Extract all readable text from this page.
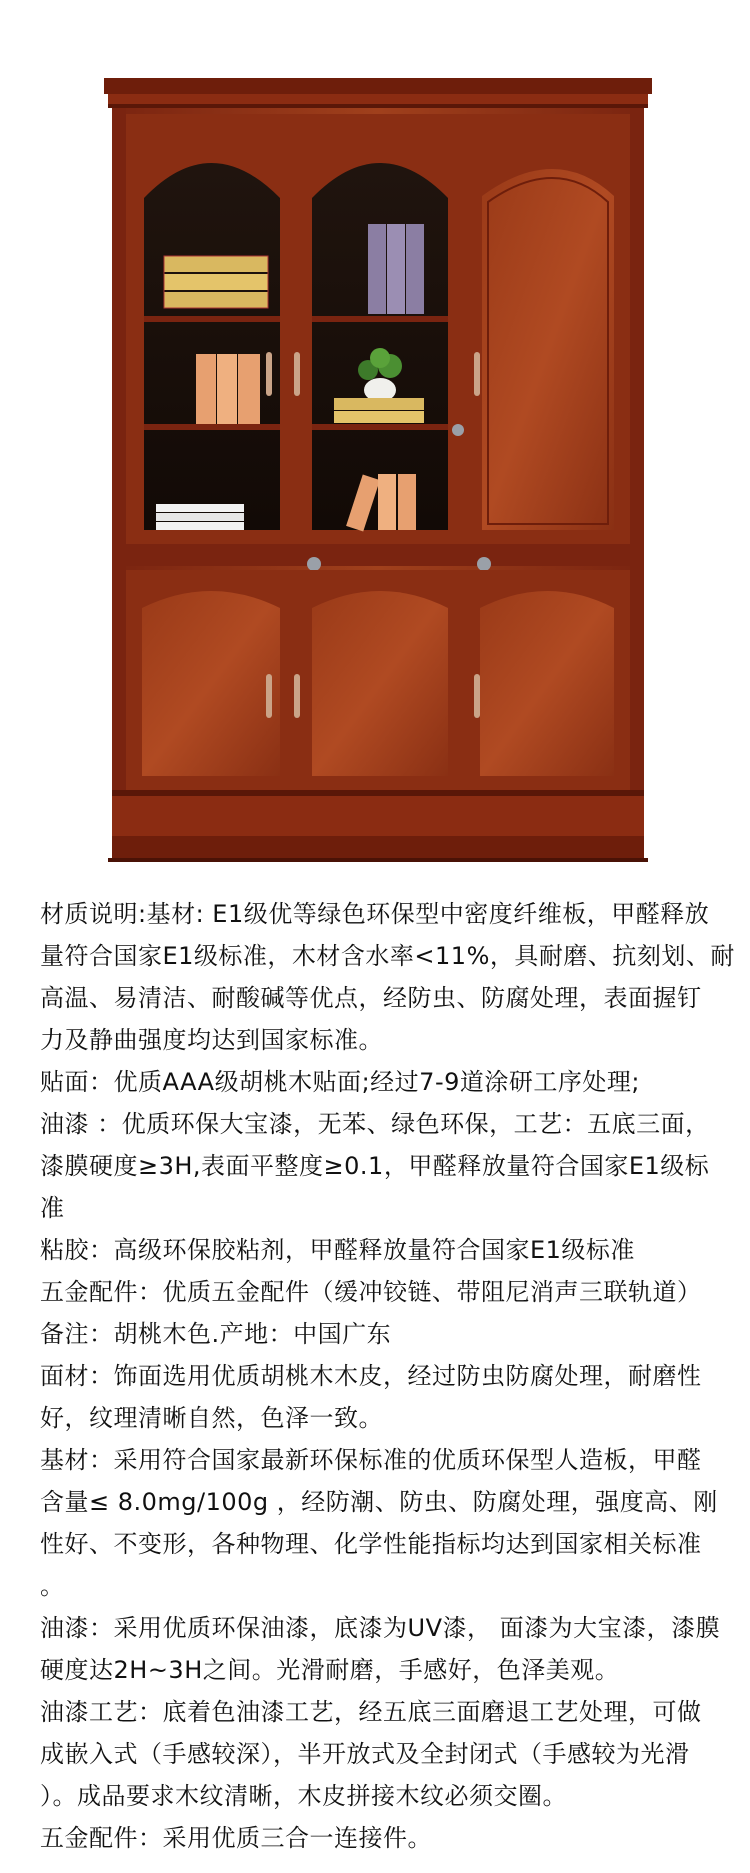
材质说明:基材: E1级优等绿色环保型中密度纤维板，甲醛释放
量符合国家E1级标准，木材含水率<11%，具耐磨、抗刻划、耐
高温、易清洁、耐酸碱等优点，经防虫、防腐处理，表面握钉
力及静曲强度均达到国家标准。
贴面：优质AAA级胡桃木贴面;经过7-9道涂研工序处理;
油漆 ：优质环保大宝漆，无苯、绿色环保，工艺：五底三面，
漆膜硬度≥3H,表面平整度≥0.1，甲醛释放量符合国家E1级标
准
粘胶：高级环保胶粘剂，甲醛释放量符合国家E1级标准
五金配件：优质五金配件（缓冲铰链、带阻尼消声三联轨道）
备注：胡桃木色.产地：中国广东
面材：饰面选用优质胡桃木木皮，经过防虫防腐处理，耐磨性
好，纹理清晰自然，色泽一致。
基材：采用符合国家最新环保标准的优质环保型人造板，甲醛
含量≤ 8.0mg/100g ，经防潮、防虫、防腐处理，强度高、刚
性好、不变形，各种物理、化学性能指标均达到国家相关标准
。
油漆：采用优质环保油漆，底漆为UV漆， 面漆为大宝漆，漆膜
硬度达2H~3H之间。光滑耐磨，手感好，色泽美观。
油漆工艺：底着色油漆工艺，经五底三面磨退工艺处理，可做
成嵌入式（手感较深），半开放式及全封闭式（手感较为光滑
）。成品要求木纹清晰，木皮拼接木纹必须交圈。
五金配件：采用优质三合一连接件。
